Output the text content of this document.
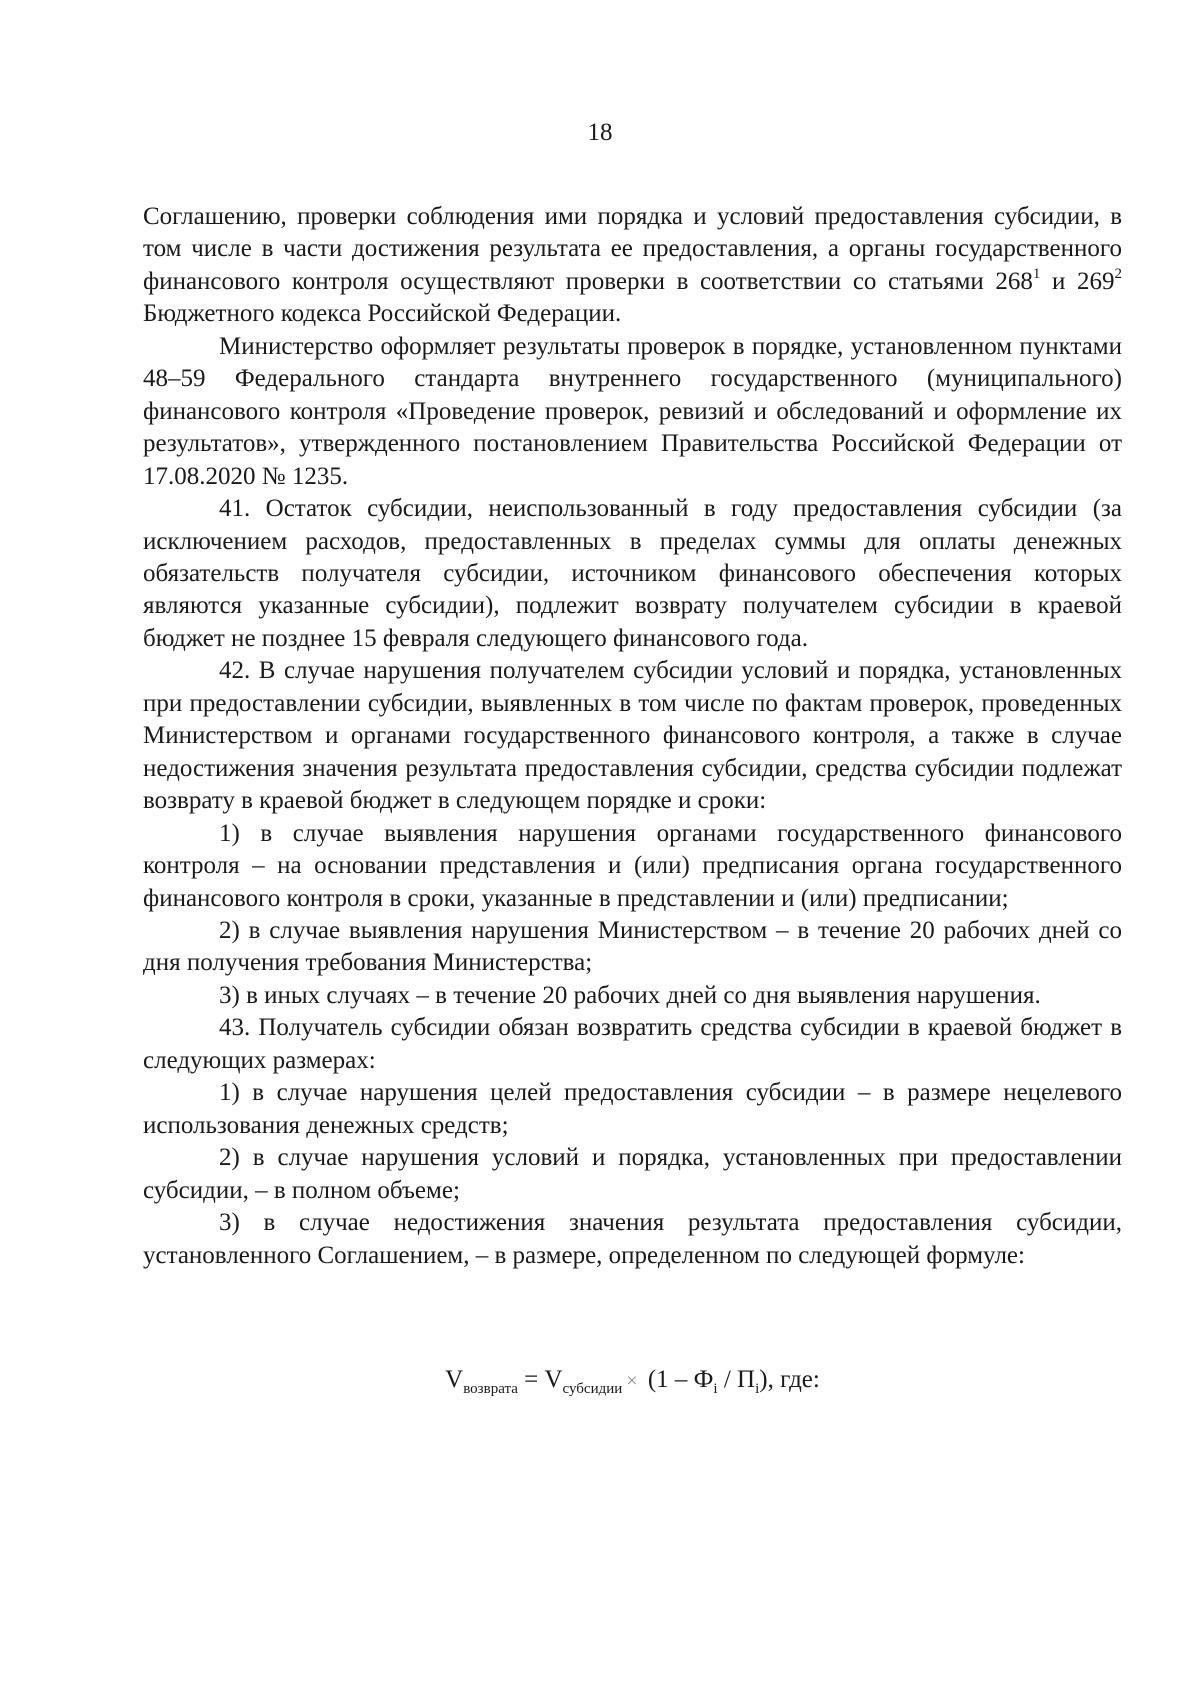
18

Соглашению, проверки соблюдения ими порядка и условий предоставления субсидии, в том числе в части достижения результата ее предоставления, а органы государственного финансового контроля осуществляют проверки в соответствии со статьями $268^1$ и $269^2$ Бюджетного кодекса Российской Федерации.

Министерство оформляет результаты проверок в порядке, установленном пунктами 48–59 Федерального стандарта внутреннего государственного (муниципального) финансового контроля «Проведение проверок, ревизий и обследований и оформление их результатов», утвержденного постановлением Правительства Российской Федерации от 17.08.2020 № 1235.

41. Остаток субсидии, неиспользованный в году предоставления субсидии (за исключением расходов, предоставленных в пределах суммы для оплаты денежных обязательств получателя субсидии, источником финансового обеспечения которых являются указанные субсидии), подлежит возврату получателем субсидии в краевой бюджет не позднее 15 февраля следующего финансового года.

42. В случае нарушения получателем субсидии условий и порядка, установленных при предоставлении субсидии, выявленных в том числе по фактам проверок, проведенных Министерством и органами государственного финансового контроля, а также в случае недостижения значения результата предоставления субсидии, средства субсидии подлежат возврату в краевой бюджет в следующем порядке и сроки:

1) в случае выявления нарушения органами государственного финансового контроля – на основании представления и (или) предписания органа государственного финансового контроля в сроки, указанные в представлении и (или) предписании;

2) в случае выявления нарушения Министерством – в течение 20 рабочих дней со дня получения требования Министерства;

3) в иных случаях – в течение 20 рабочих дней со дня выявления нарушения.

43. Получатель субсидии обязан возвратить средства субсидии в краевой бюджет в следующих размерах:

1) в случае нарушения целей предоставления субсидии – в размере нецелевого использования денежных средств;

2) в случае нарушения условий и порядка, установленных при предоставлении субсидии, – в полном объеме;

3) в случае недостижения значения результата предоставления субсидии, установленного Соглашением, – в размере, определенном по следующей формуле:

$V_{возврата} = V_{субсидии} \times (1 - Ф_i / П_i)$, где:
